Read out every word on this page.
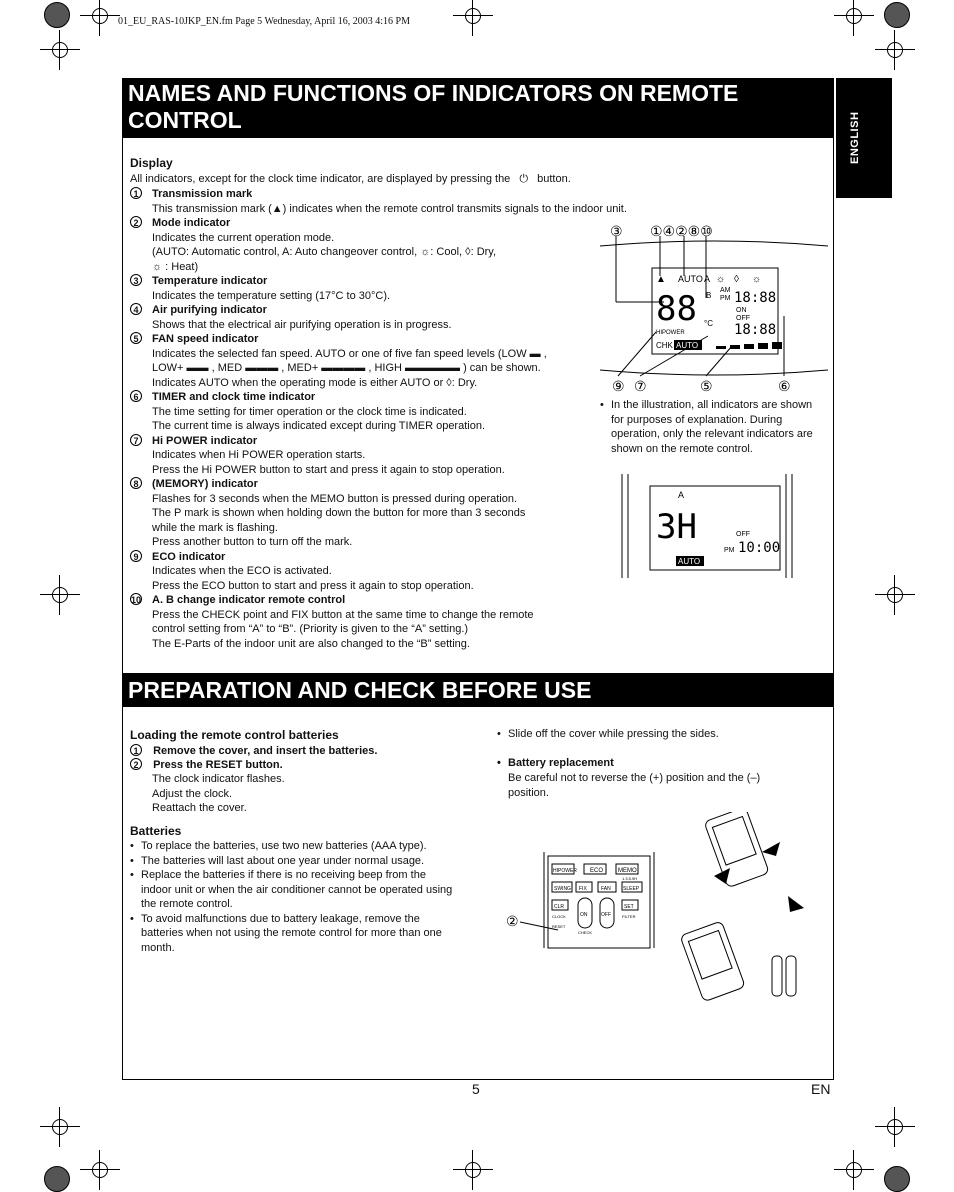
01_EU_RAS-10JKP_EN.fm Page 5 Wednesday, April 16, 2003 4:16 PM
ENGLISH
NAMES AND FUNCTIONS OF INDICATORS ON REMOTE
CONTROL
Display
All indicators, except for the clock time indicator, are displayed by pressing the ⏻ button.
1 Transmission mark
This transmission mark (▲) indicates when the remote control transmits signals to the indoor unit.
2 Mode indicator
Indicates the current operation mode.
(AUTO: Automatic control, A: Auto changeover control, ☼: Cool, ◊: Dry,
☼ : Heat)
3 Temperature indicator
Indicates the temperature setting (17°C to 30°C).
4 Air purifying indicator
Shows that the electrical air purifying operation is in progress.
5 FAN speed indicator
Indicates the selected fan speed. AUTO or one of five fan speed levels (LOW ▬ ,
LOW+ ▬▬ , MED ▬▬▬ , MED+ ▬▬▬▬ , HIGH ▬▬▬▬▬ ) can be shown.
Indicates AUTO when the operating mode is either AUTO or ◊: Dry.
6 TIMER and clock time indicator
The time setting for timer operation or the clock time is indicated.
The current time is always indicated except during TIMER operation.
7 Hi POWER indicator
Indicates when Hi POWER operation starts.
Press the Hi POWER button to start and press it again to stop operation.
8 (MEMORY) indicator
Flashes for 3 seconds when the MEMO button is pressed during operation.
The P mark is shown when holding down the button for more than 3 seconds
while the mark is flashing.
Press another button to turn off the mark.
9 ECO indicator
Indicates when the ECO is activated.
Press the ECO button to start and press it again to stop operation.
10 A. B change indicator remote control
Press the CHECK point and FIX button at the same time to change the remote
control setting from “A” to “B”. (Priority is given to the “A” setting.)
The E-Parts of the indoor unit are also changed to the “B” setting.
③ ①④②⑧⑩
⑨ ⑦	⑤	⑥
▲ AUTO A ☼ ◊ ☼
88 B
°C
AM
PM 18:88
ON
OFF
18:88
HIPOWER
CHK AUTO
• In the illustration, all indicators are shown
for purposes of explanation. During
operation, only the relevant indicators are
shown on the remote control.
A
3H	OFF
PM 10:00
AUTO
PREPARATION AND CHECK BEFORE USE
Loading the remote control batteries
1 Remove the cover, and insert the batteries.
2 Press the RESET button.
The clock indicator flashes.
Adjust the clock.
Reattach the cover.
Batteries
• To replace the batteries, use two new batteries (AAA type).
• The batteries will last about one year under normal usage.
• Replace the batteries if there is no receiving beep from the
indoor unit or when the air conditioner cannot be operated using
the remote control.
• To avoid malfunctions due to battery leakage, remove the
batteries when not using the remote control for more than one
month.
• Slide off the cover while pressing the sides.
• Battery replacement
Be careful not to reverse the (+) position and the (–)
position.
②
HIPOWER ECO MEMO
SWING FIX	FAN SLEEP
1.3.5.9H
CLR
ON	OFF
SET
CLOCK
RESET
CHECK
FILTER
5	EN
